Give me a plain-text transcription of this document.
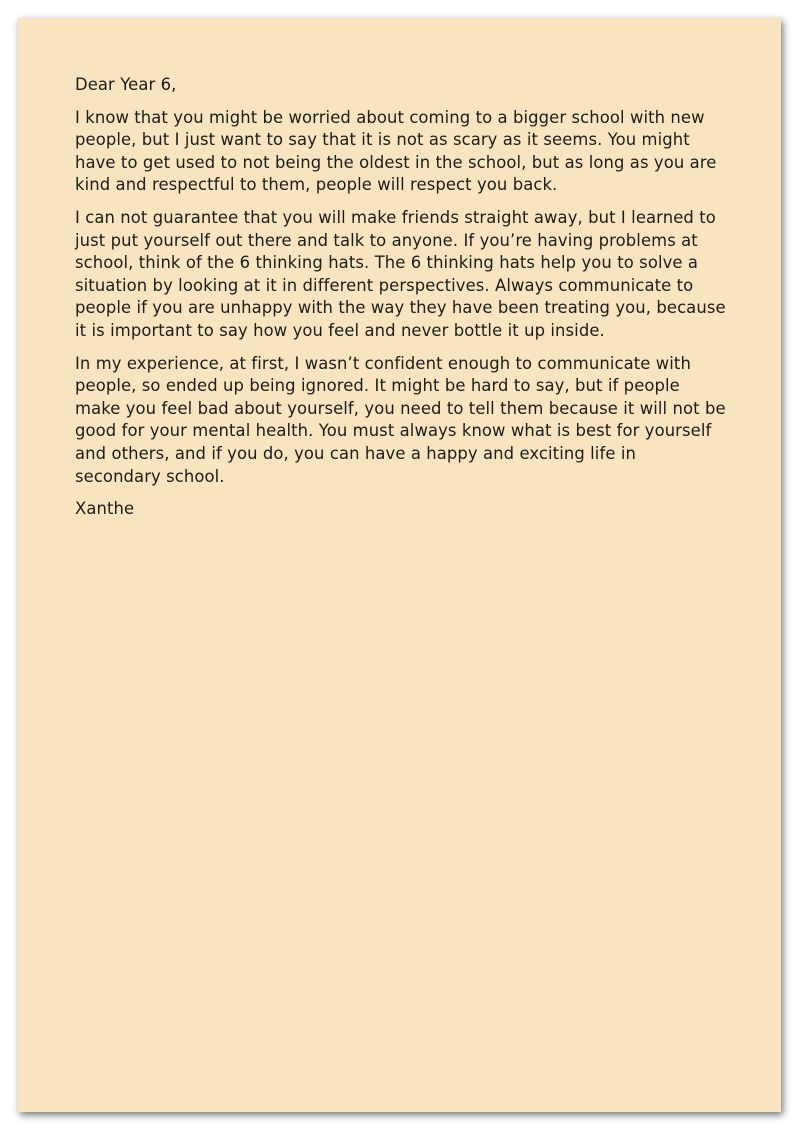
Dear Year 6,

I know that you might be worried about coming to a bigger school with new people, but I just want to say that it is not as scary as it seems. You might have to get used to not being the oldest in the school, but as long as you are kind and respectful to them, people will respect you back.

I can not guarantee that you will make friends straight away, but I learned to just put yourself out there and talk to anyone. If you’re having problems at school, think of the 6 thinking hats. The 6 thinking hats help you to solve a situation by looking at it in different perspectives. Always communicate to people if you are unhappy with the way they have been treating you, because it is important to say how you feel and never bottle it up inside.

In my experience, at first, I wasn’t confident enough to communicate with people, so ended up being ignored. It might be hard to say, but if people make you feel bad about yourself, you need to tell them because it will not be good for your mental health. You must always know what is best for yourself and others, and if you do, you can have a happy and exciting life in secondary school.

Xanthe
